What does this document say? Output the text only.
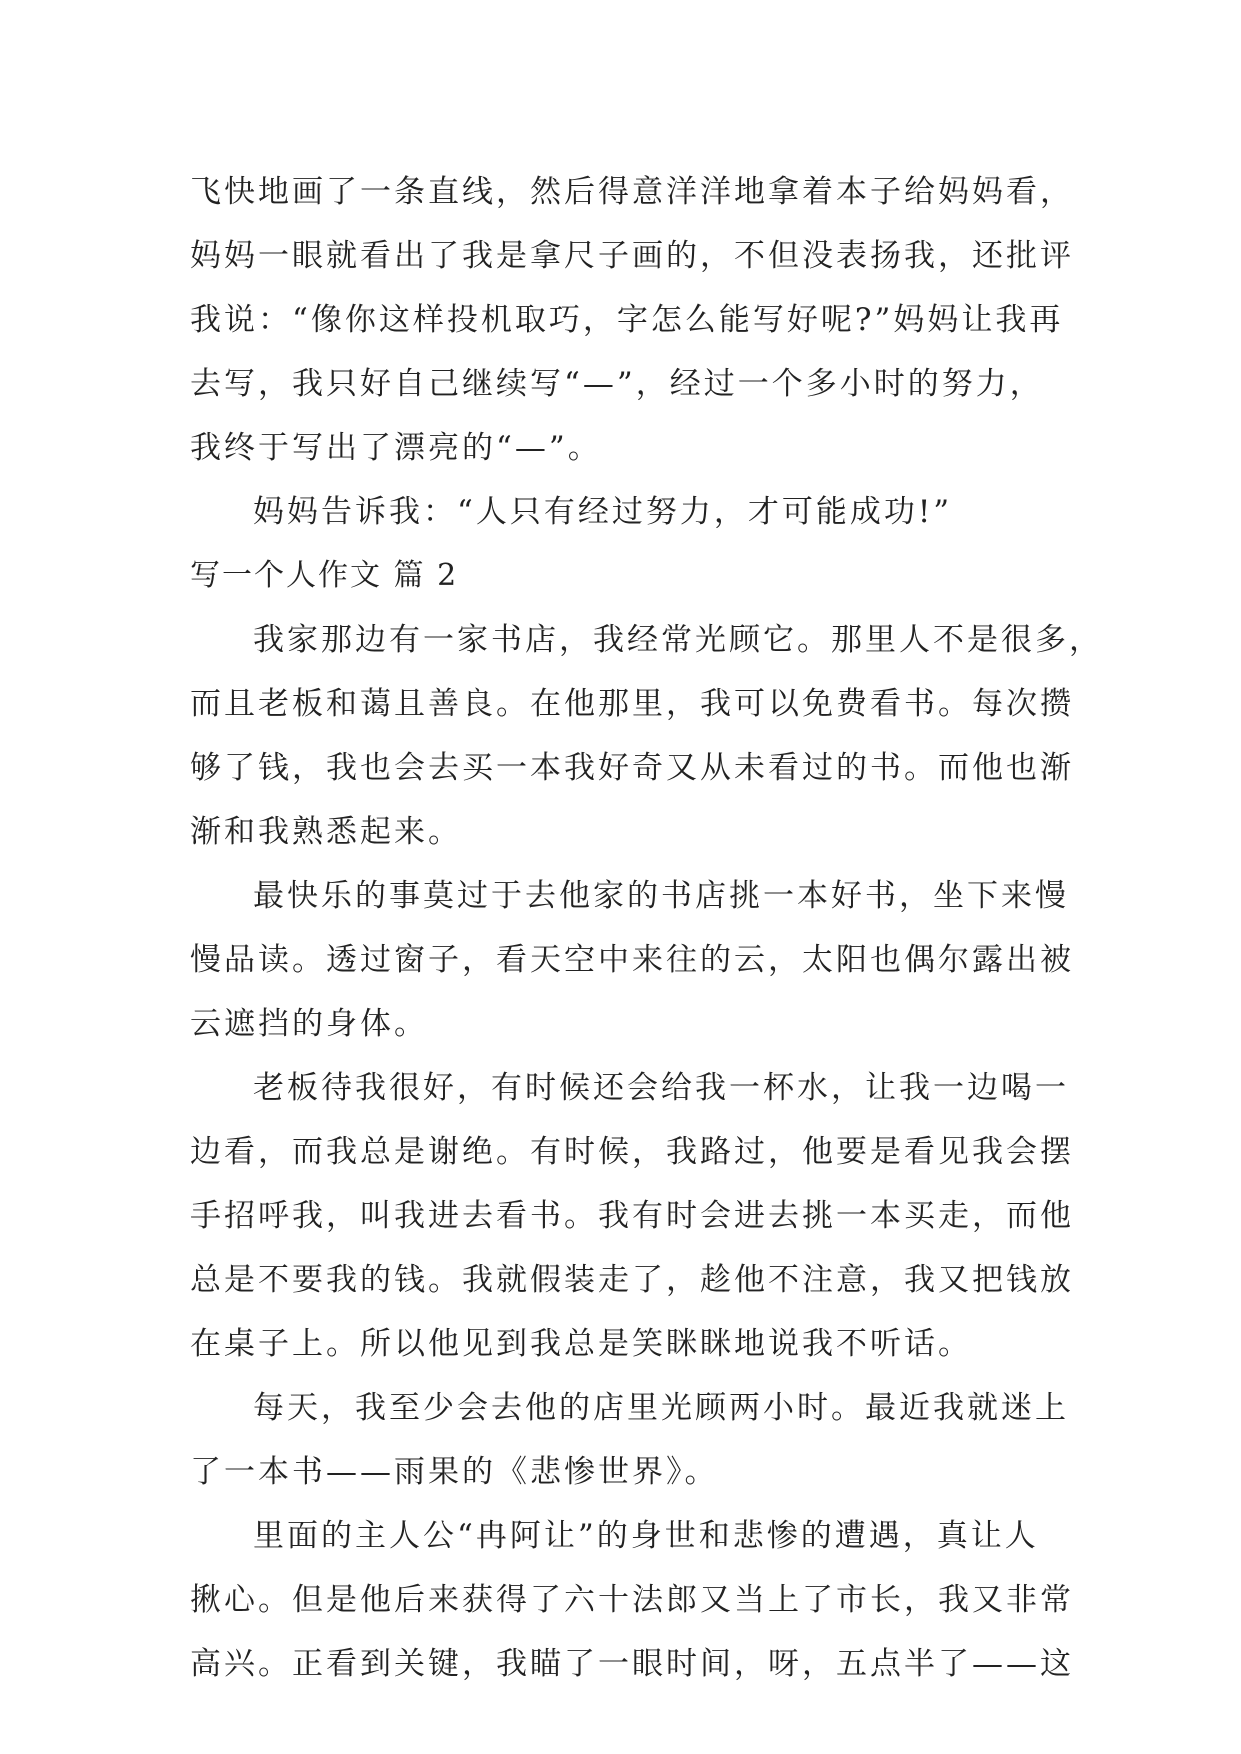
飞快地画了一条直线，然后得意洋洋地拿着本子给妈妈看，
妈妈一眼就看出了我是拿尺子画的，不但没表扬我，还批评
我说：“像你这样投机取巧，字怎么能写好呢?”妈妈让我再
去写，我只好自己继续写“—”，经过一个多小时的努力，
我终于写出了漂亮的“—”。
妈妈告诉我：“人只有经过努力，才可能成功!”
写一个人作文 篇 2
我家那边有一家书店，我经常光顾它。那里人不是很多，
而且老板和蔼且善良。在他那里，我可以免费看书。每次攒
够了钱，我也会去买一本我好奇又从未看过的书。而他也渐
渐和我熟悉起来。
最快乐的事莫过于去他家的书店挑一本好书，坐下来慢
慢品读。透过窗子，看天空中来往的云，太阳也偶尔露出被
云遮挡的身体。
老板待我很好，有时候还会给我一杯水，让我一边喝一
边看，而我总是谢绝。有时候，我路过，他要是看见我会摆
手招呼我，叫我进去看书。我有时会进去挑一本买走，而他
总是不要我的钱。我就假装走了，趁他不注意，我又把钱放
在桌子上。所以他见到我总是笑眯眯地说我不听话。
每天，我至少会去他的店里光顾两小时。最近我就迷上
了一本书——雨果的《悲惨世界》。
里面的主人公“冉阿让”的身世和悲惨的遭遇，真让人
揪心。但是他后来获得了六十法郎又当上了市长，我又非常
高兴。正看到关键，我瞄了一眼时间，呀，五点半了——这
